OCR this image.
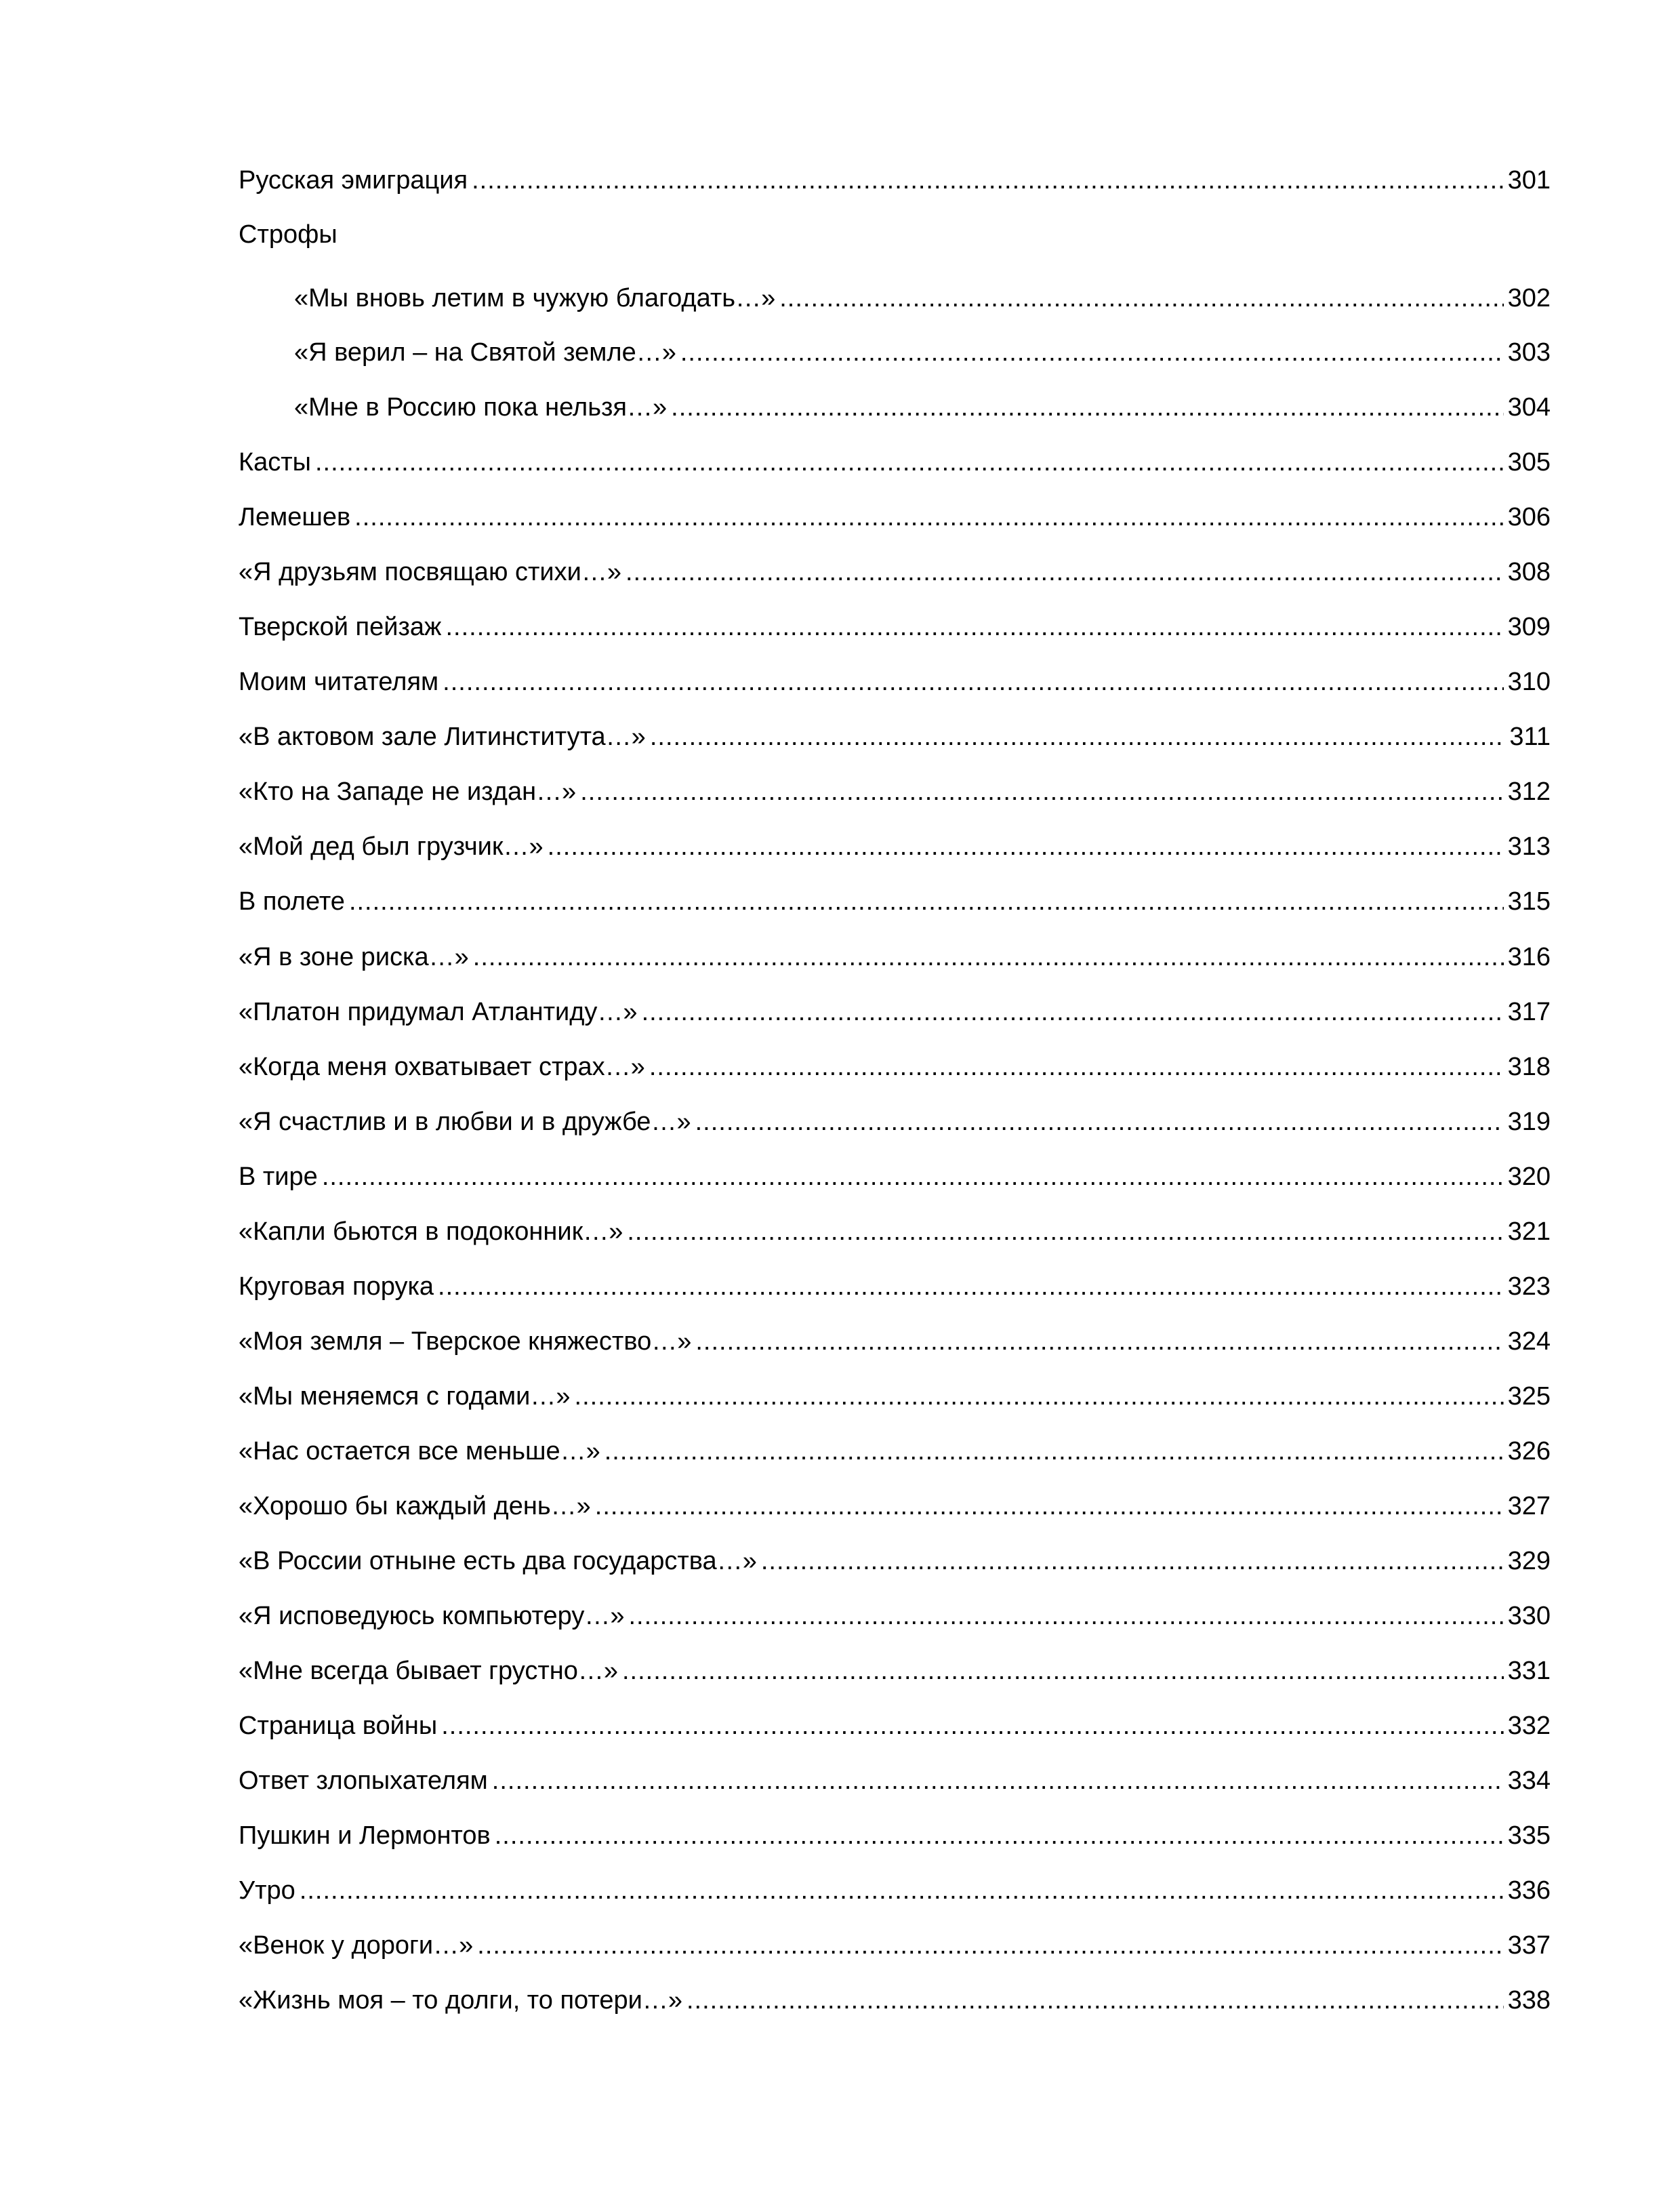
Русская эмиграция .....	301
Строфы
«Мы вновь летим в чужую благодать…» .....	302
«Я верил – на Святой земле…» .....	303
«Мне в Россию пока нельзя…» .....	304
Касты .....	305
Лемешев .....	306
«Я друзьям посвящаю стихи…» .....	308
Тверской пейзаж .....	309
Моим читателям .....	310
«В актовом зале Литинститута…» .....	311
«Кто на Западе не издан…» .....	312
«Мой дед был грузчик…» .....	313
В полете .....	315
«Я в зоне риска…» .....	316
«Платон придумал Атлантиду…» .....	317
«Когда меня охватывает страх…» .....	318
«Я счастлив и в любви и в дружбе…» .....	319
В тире .....	320
«Капли бьются в подоконник…» .....	321
Круговая порука .....	323
«Моя земля – Тверское княжество…» .....	324
«Мы меняемся с годами…» .....	325
«Нас остается все меньше…» .....	326
«Хорошо бы каждый день…» .....	327
«В России отныне есть два государства…» .....	329
«Я исповедуюсь компьютеру…» .....	330
«Мне всегда бывает грустно…» .....	331
Страница войны .....	332
Ответ злопыхателям .....	334
Пушкин и Лермонтов .....	335
Утро .....	336
«Венок у дороги…» .....	337
«Жизнь моя – то долги, то потери…» .....	338
